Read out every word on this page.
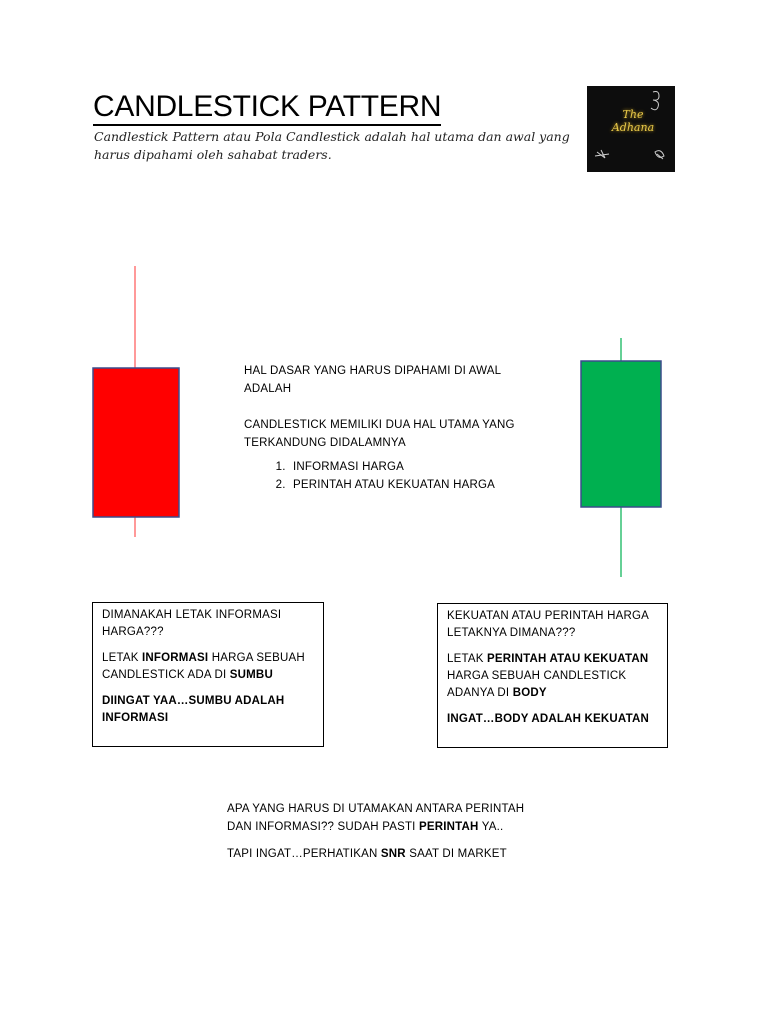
CANDLESTICK PATTERN

Candlestick Pattern atau Pola Candlestick adalah hal utama dan awal yang harus dipahami oleh sahabat traders.

The
Adhana

HAL DASAR YANG HARUS DIPAHAMI DI AWAL ADALAH

CANDLESTICK MEMILIKI DUA HAL UTAMA YANG TERKANDUNG DIDALAMNYA

1. INFORMASI HARGA
2. PERINTAH ATAU KEKUATAN HARGA

DIMANAKAH LETAK INFORMASI HARGA???

LETAK INFORMASI HARGA SEBUAH CANDLESTICK ADA DI SUMBU

DIINGAT YAA…SUMBU ADALAH INFORMASI

KEKUATAN ATAU PERINTAH HARGA LETAKNYA DIMANA???

LETAK PERINTAH ATAU KEKUATAN HARGA SEBUAH CANDLESTICK ADANYA DI BODY

INGAT…BODY ADALAH KEKUATAN

APA YANG HARUS DI UTAMAKAN ANTARA PERINTAH DAN INFORMASI?? SUDAH PASTI PERINTAH YA..

TAPI INGAT…PERHATIKAN SNR SAAT DI MARKET
